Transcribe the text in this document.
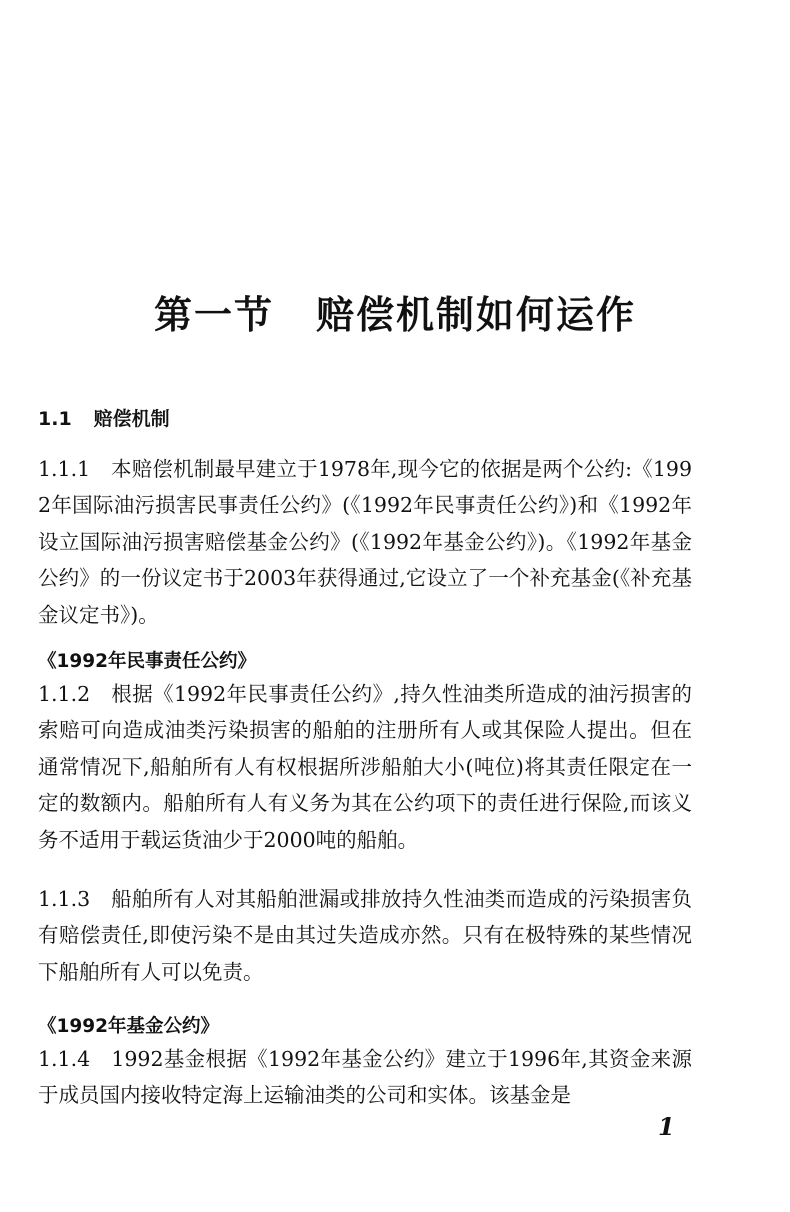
第一节 赔偿机制如何运作
1.1 赔偿机制

1.1.1　本赔偿机制最早建立于1978年,现今它的依据是两个公约:《1992年国际油污损害民事责任公约》(《1992年民事责任公约》)和《1992年设立国际油污损害赔偿基金公约》(《1992年基金公约》)。《1992年基金公约》的一份议定书于2003年获得通过,它设立了一个补充基金(《补充基金议定书》)。

《1992年民事责任公约》

1.1.2　根据《1992年民事责任公约》,持久性油类所造成的油污损害的索赔可向造成油类污染损害的船舶的注册所有人或其保险人提出。但在通常情况下,船舶所有人有权根据所涉船舶大小(吨位)将其责任限定在一定的数额内。船舶所有人有义务为其在公约项下的责任进行保险,而该义务不适用于载运货油少于2000吨的船舶。

1.1.3　船舶所有人对其船舶泄漏或排放持久性油类而造成的污染损害负有赔偿责任,即使污染不是由其过失造成亦然。只有在极特殊的某些情况下船舶所有人可以免责。

《1992年基金公约》

1.1.4　1992基金根据《1992年基金公约》建立于1996年,其资金来源于成员国内接收特定海上运输油类的公司和实体。该基金是

1
